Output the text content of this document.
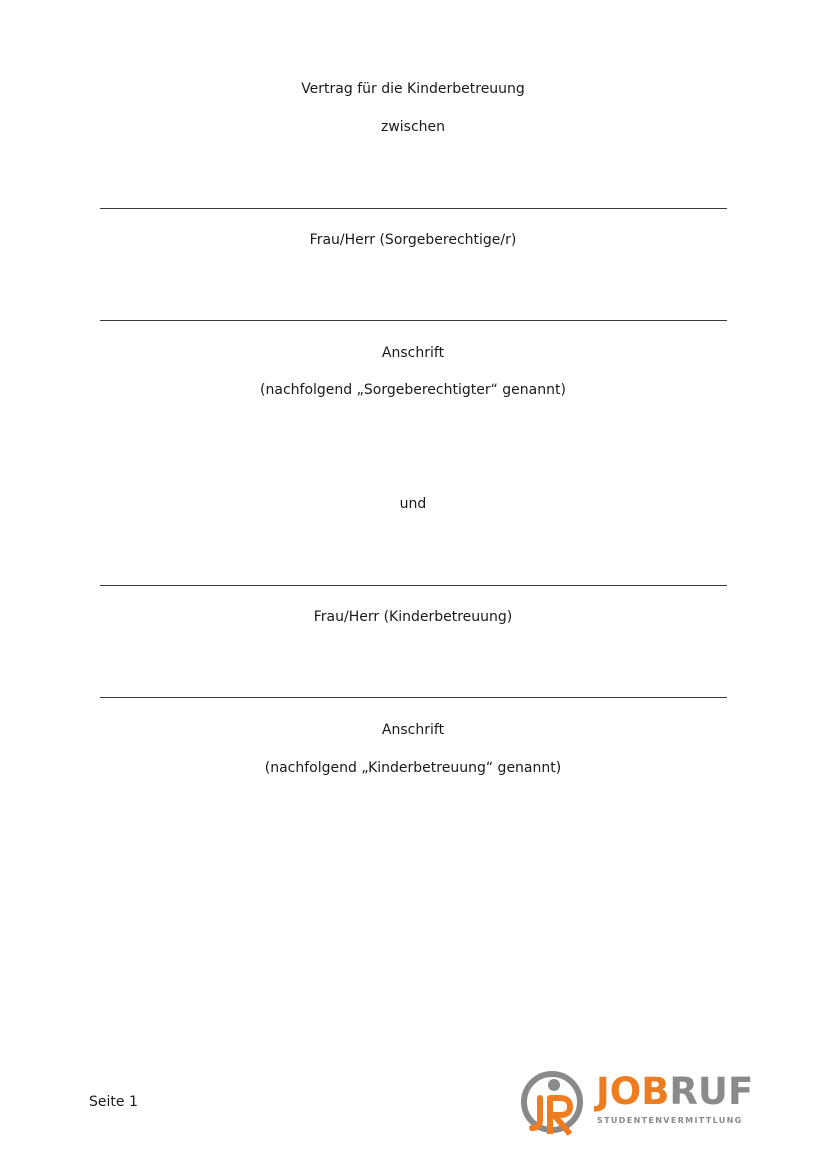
Vertrag für die Kinderbetreuung
zwischen
Frau/Herr (Sorgeberechtige/r)
Anschrift
(nachfolgend „Sorgeberechtigter“ genannt)
und
Frau/Herr (Kinderbetreuung)
Anschrift
(nachfolgend „Kinderbetreuung“ genannt)
Seite 1	JOBRUF
STUDENTENVERMITTLUNG
